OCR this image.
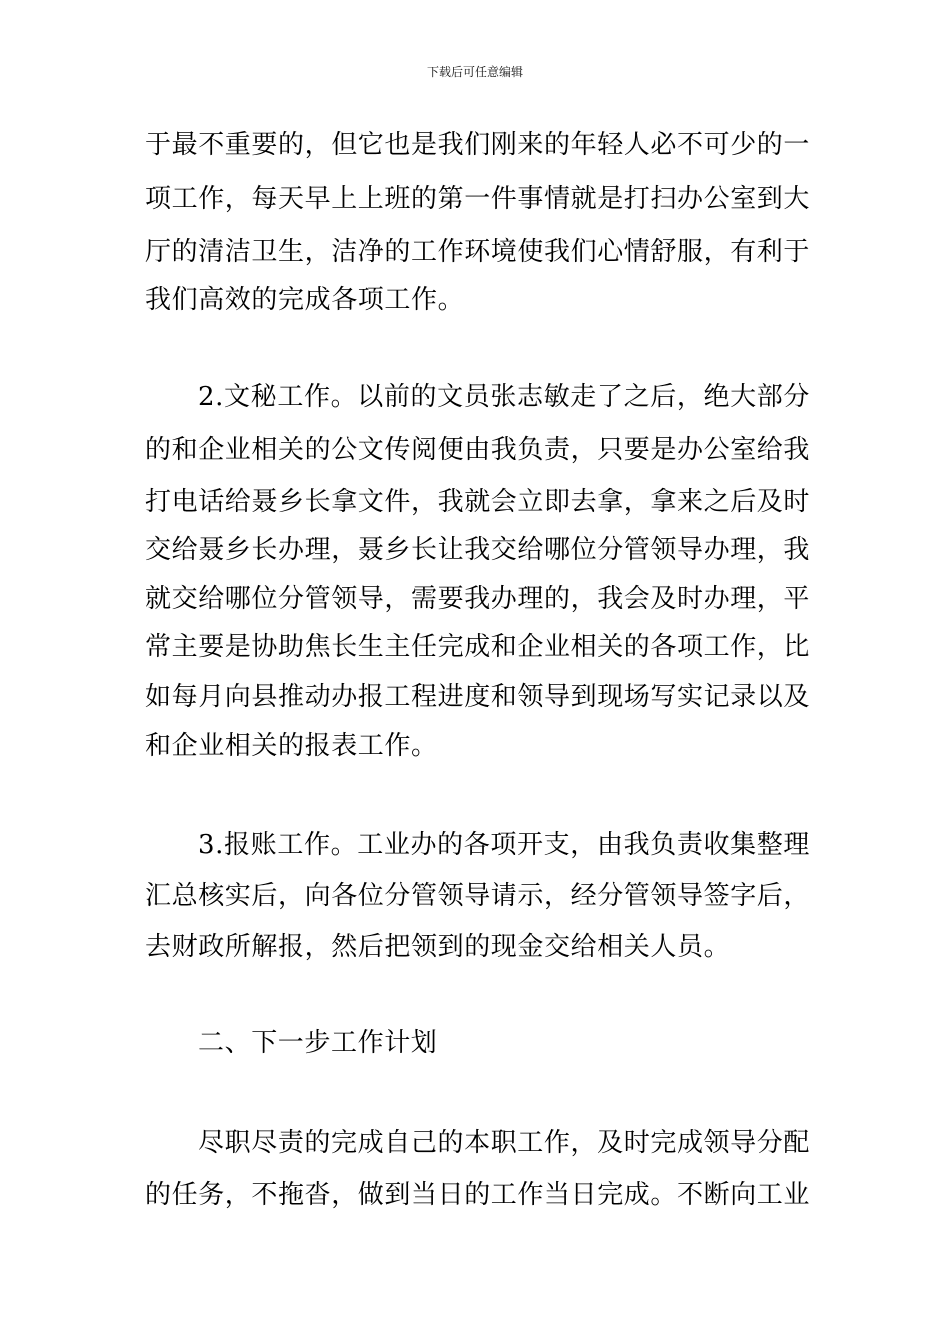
下载后可任意编辑
于最不重要的，但它也是我们刚来的年轻人必不可少的一
项工作，每天早上上班的第一件事情就是打扫办公室到大
厅的清洁卫生，洁净的工作环境使我们心情舒服，有利于
我们高效的完成各项工作。
2.文秘工作。以前的文员张志敏走了之后，绝大部分
的和企业相关的公文传阅便由我负责，只要是办公室给我
打电话给聂乡长拿文件，我就会立即去拿，拿来之后及时
交给聂乡长办理，聂乡长让我交给哪位分管领导办理，我
就交给哪位分管领导，需要我办理的，我会及时办理，平
常主要是协助焦长生主任完成和企业相关的各项工作，比
如每月向县推动办报工程进度和领导到现场写实记录以及
和企业相关的报表工作。
3.报账工作。工业办的各项开支，由我负责收集整理
汇总核实后，向各位分管领导请示，经分管领导签字后，
去财政所解报，然后把领到的现金交给相关人员。
二、下一步工作计划
尽职尽责的完成自己的本职工作，及时完成领导分配
的任务，不拖沓，做到当日的工作当日完成。不断向工业
